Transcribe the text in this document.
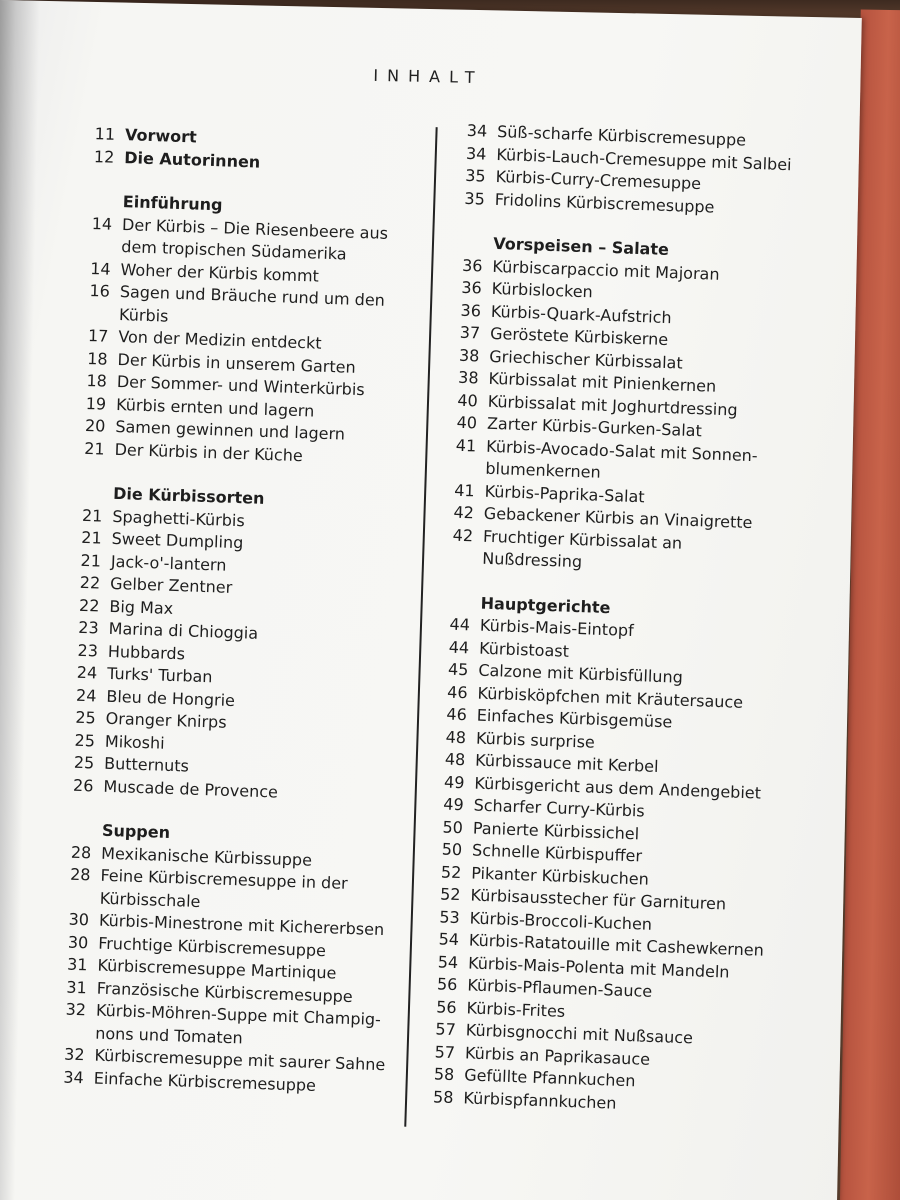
INHALT
11 Vorwort
12 Die Autorinnen
Einführung
14 Der Kürbis – Die Riesenbeere aus dem tropischen Südamerika
14 Woher der Kürbis kommt
16 Sagen und Bräuche rund um den Kürbis
17 Von der Medizin entdeckt
18 Der Kürbis in unserem Garten
18 Der Sommer- und Winterkürbis
19 Kürbis ernten und lagern
20 Samen gewinnen und lagern
21 Der Kürbis in der Küche
Die Kürbissorten
21 Spaghetti-Kürbis
21 Sweet Dumpling
21 Jack-o'-lantern
22 Gelber Zentner
22 Big Max
23 Marina di Chioggia
23 Hubbards
24 Turks' Turban
24 Bleu de Hongrie
25 Oranger Knirps
25 Mikoshi
25 Butternuts
26 Muscade de Provence
Suppen
28 Mexikanische Kürbissuppe
28 Feine Kürbiscremesuppe in der Kürbisschale
30 Kürbis-Minestrone mit Kichererbsen
30 Fruchtige Kürbiscremesuppe
31 Kürbiscremesuppe Martinique
31 Französische Kürbiscremesuppe
32 Kürbis-Möhren-Suppe mit Champig-nons und Tomaten
32 Kürbiscremesuppe mit saurer Sahne
34 Einfache Kürbiscremesuppe
34 Süß-scharfe Kürbiscremesuppe
34 Kürbis-Lauch-Cremesuppe mit Salbei
35 Kürbis-Curry-Cremesuppe
35 Fridolins Kürbiscremesuppe
Vorspeisen – Salate
36 Kürbiscarpaccio mit Majoran
36 Kürbislocken
36 Kürbis-Quark-Aufstrich
37 Geröstete Kürbiskerne
38 Griechischer Kürbissalat
38 Kürbissalat mit Pinienkernen
40 Kürbissalat mit Joghurtdressing
40 Zarter Kürbis-Gurken-Salat
41 Kürbis-Avocado-Salat mit Sonnen-blumenkernen
41 Kürbis-Paprika-Salat
42 Gebackener Kürbis an Vinaigrette
42 Fruchtiger Kürbissalat an Nußdressing
Hauptgerichte
44 Kürbis-Mais-Eintopf
44 Kürbistoast
45 Calzone mit Kürbisfüllung
46 Kürbisköpfchen mit Kräutersauce
46 Einfaches Kürbisgemüse
48 Kürbis surprise
48 Kürbissauce mit Kerbel
49 Kürbisgericht aus dem Andengebiet
49 Scharfer Curry-Kürbis
50 Panierte Kürbissichel
50 Schnelle Kürbispuffer
52 Pikanter Kürbiskuchen
52 Kürbisausstecher für Garnituren
53 Kürbis-Broccoli-Kuchen
54 Kürbis-Ratatouille mit Cashewkernen
54 Kürbis-Mais-Polenta mit Mandeln
56 Kürbis-Pflaumen-Sauce
56 Kürbis-Frites
57 Kürbisgnocchi mit Nußsauce
57 Kürbis an Paprikasauce
58 Gefüllte Pfannkuchen
58 Kürbispfannkuchen
